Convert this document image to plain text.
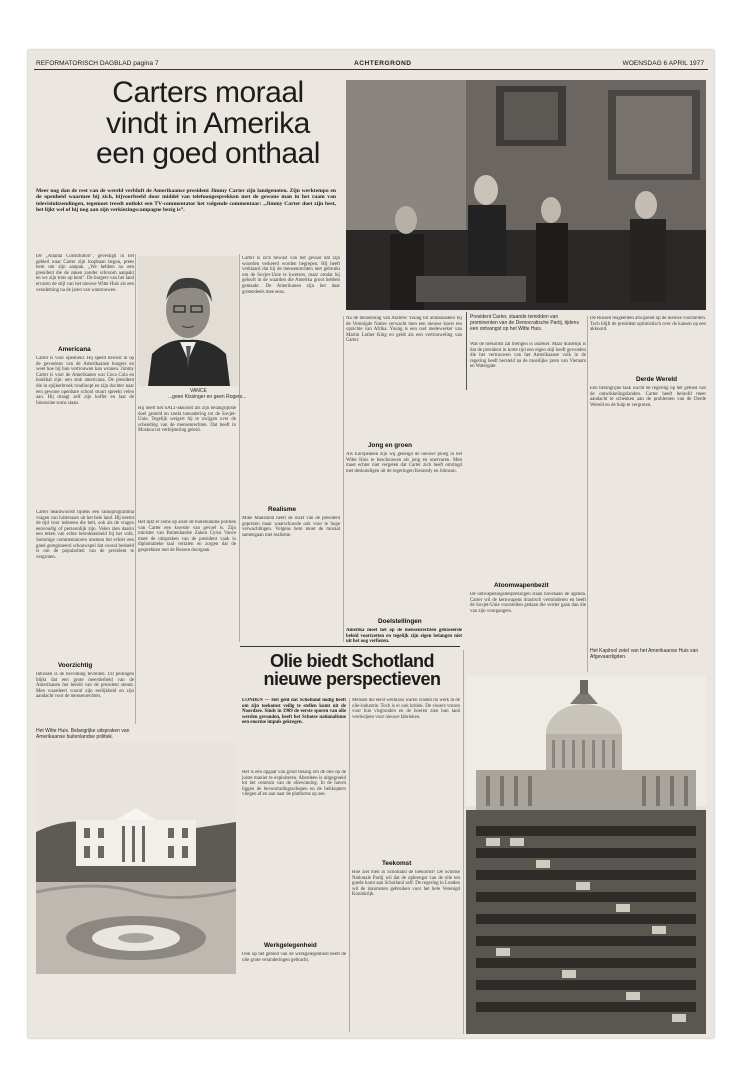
REFORMATORISCH DAGBLAD pagina 7	ACHTERGROND	WOENSDAG 6 APRIL 1977
Carters moraal
vindt in Amerika
een goed onthaal
Meer nog dan de rest van de wereld verbluft de Amerikaanse president Jimmy Carter zijn landgenoten. Zijn werktempo en de openheid waarmee hij zich, bijvoorbeeld door middel van telefoongesprekken met de gewone man in het raam van televisiuitzendingen, tegemoet treedt ontlokt een TV-commentator het volgende commentaar: „Jimmy Carter doet zijn best, het lijkt wel of hij nog aan zijn verkiezingscampagne bezig is”.
De „Atlanta Constitution”, gevestigd in het gebied waar Carter zijn loopbaan begon, prees hem om zijn aanpak. „We hebben nu een president die de zaken zonder schroom aanpakt en we zijn trots op hem”. De burgers van het land ervaren de stijl van het nieuwe Witte Huis als een verademing na de jaren van wantrouwen.
VANCE
...geen Kissinger en geen Rogers...
Americana
Carter is voor openheid. Hij speelt bewust in op de gevoelens van de Amerikaanse burgers en weet hoe hij hun vertrouwen kan winnen. Jimmy Carter is voor de Amerikanen wat Coca Cola en honkbal zijn: een stuk americana. De president die in spijkerbroek rondloopt en zijn dochter naar een gewone openbare school stuurt spreekt velen aan. Hij draagt zelf zijn koffer en laat de limousine soms staan.
Carter beantwoordt tijdens een radioprogramma vragen van luisteraars uit het hele land. Hij neemt de tijd voor iedereen die belt, ook als de vragen eenvoudig of persoonlijk zijn. Velen zien daarin een teken van echte betrokkenheid bij het volk. Sommige commentatoren noemen het echter een goed geregisseerd schouwspel dat vooral bedoeld is om de populariteit van de president te vergroten.
Voorzichtig
Intussen is de bevolking tevreden. Uit peilingen blijkt dat een grote meerderheid van de Amerikanen het beleid van de president steunt. Men waardeert vooral zijn eerlijkheid en zijn aandacht voor de mensenrechten.
Het Witte Huis. Belangrijke uitspraken van Amerikaanse buitenlandse politiek.
Hij heeft het SALT-akkoord als zijn belangrijkste doel gesteld en zoekt toenadering tot de Sovjet-Unie. Tegelijk weigert hij te zwijgen over de schending van de mensenrechten. Dat heeft in Moskou tot verbijstering geleid.
Het lijkt er soms op alsof de buitenlandse politiek van Carter een kwestie van gevoel is. Zijn minister van Buitenlandse Zaken Cyrus Vance moet de uitspraken van de president vaak in diplomatieke taal vertalen en zorgen dat de gesprekken met de Russen doorgaan.
Carter is zich bewust van het gevaar dat zijn woorden verkeerd worden begrepen. Hij heeft verklaard dat hij de mensenrechten niet gebruikt om de Sovjet-Unie te kwetsen, maar omdat hij gelooft in de waarden die Amerika groot hebben gemaakt. De Amerikanen zijn het daar grotendeels mee eens.
Realisme
Mike Mansfield heeft de inzet van de president geprezen maar waarschuwde ook voor te hoge verwachtingen. Volgens hem moet de moraal samengaan met realisme.
Na de benoeming van Andrew Young tot ambassadeur bij de Verenigde Naties verwacht men een nieuwe koers ten opzichte van Afrika. Young is een oud medewerker van Martin Luther King en geldt als een vertrouweling van Carter.
Jong en groen
Als Europeanen zijn wij geneigd de nieuwe ploeg in het Witte Huis te beschouwen als jong en onervaren. Men moet echter niet vergeten dat Carter zich heeft omringd met deskundigen uit de regeringen Kennedy en Johnson.
Doelstellingen
Amerika moet het op de mensenrechten gebaseerde beleid voortzetten en tegelijk zijn eigen belangen niet uit het oog verliezen.
President Carter, staande temidden van prominenten van de Democratische Partij, tijdens een ontvangst op het Witte Huis.
Wat de toekomst zal brengen is onzeker. Maar duidelijk is dat de president in korte tijd een eigen stijl heeft gevonden die het vertrouwen van het Amerikaanse volk in de regering heeft hersteld na de moeilijke jaren van Vietnam en Watergate.
Atoomwapenbezit
De ontwapeningsbesprekingen staan bovenaan de agenda. Carter wil de kernwapens drastisch verminderen en heeft de Sovjet-Unie voorstellen gedaan die verder gaan dan die van zijn voorgangers.
De Russen reageerden afwijzend op de nieuwe voorstellen. Toch blijft de president optimistisch over de kansen op een akkoord.
Derde Wereld
Een belangrijke taak wacht de regering op het gebied van de ontwikkelingslanden. Carter heeft beloofd meer aandacht te schenken aan de problemen van de Derde Wereld en de hulp te vergroten.
Het Kapitool zetel van het Amerikaanse Huis van Afgevaardigden.
Olie biedt Schotland
nieuwe perspectieven
LONDEN — Het geld dat Schotland nodig heeft om zijn toekomst veilig te stellen komt uit de Noordzee. Sinds in 1969 de eerste sporen van olie werden gevonden, heeft het Schotse nationalisme een enorme impuls gekregen.
Het is een opgaaf van groot belang om de olie op de juiste manier te exploiteren. Aberdeen is uitgegroeid tot het centrum van de oliewinning. In de haven liggen de bevoorradingsschepen en de helikopters vliegen af en aan naar de platforms op zee.
Werkgelegenheid
Ook op het gebied van de werkgelegenheid heeft de olie grote veranderingen gebracht.
Mensen die eerst werkloos waren vinden nu werk in de olie-industrie. Toch is er ook kritiek. De vissers vrezen voor hun visgronden en de boeren zien hun land verdwijnen voor nieuwe fabrieken.
Teekomst
Hoe ziet men in Schotland de toekomst? De Schotse Nationale Partij wil dat de opbrengst van de olie ten goede komt aan Schotland zelf. De regering in Londen wil de inkomsten gebruiken voor het hele Verenigd Koninkrijk.
